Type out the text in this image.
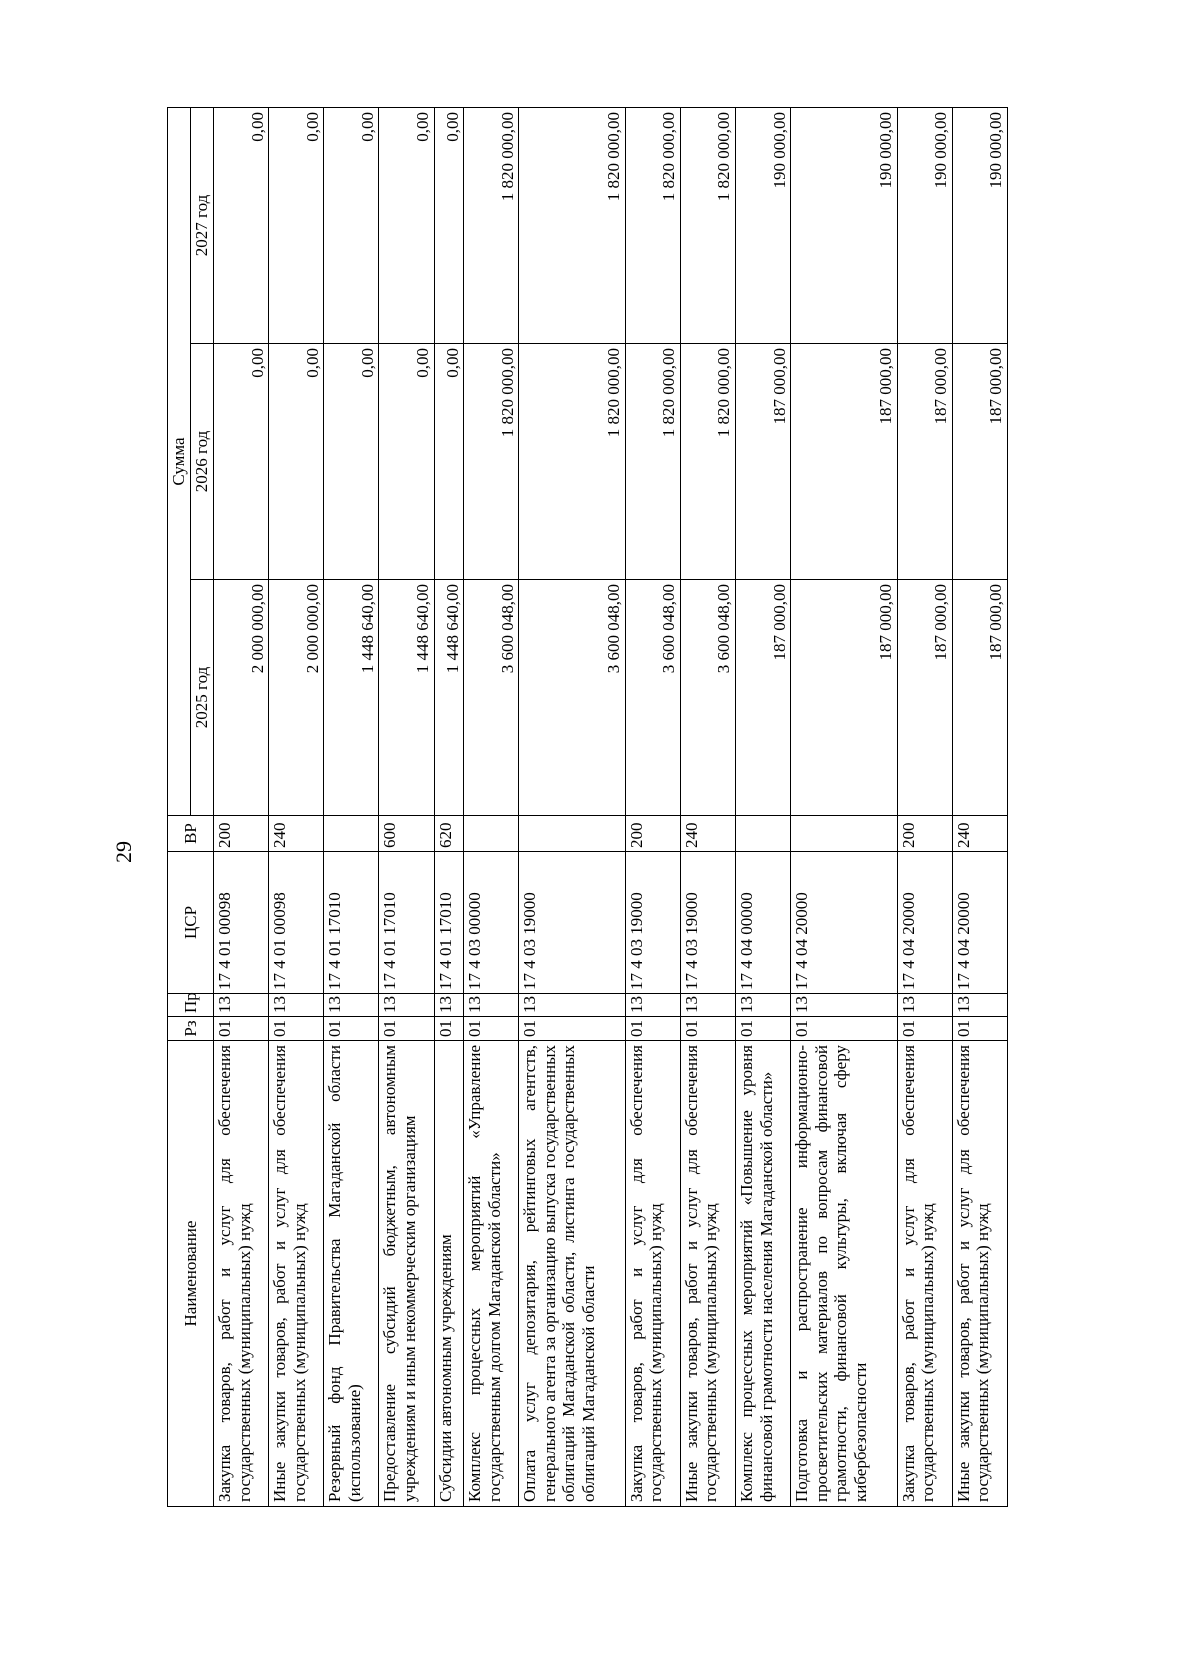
29
Наименование	Рз	Пр	ЦСР	ВР	Сумма		
					2025 год	2026 год	2027 год
Закупка товаров, работ и услуг для обеспечения государственных (муниципальных) нужд	01	13	17 4 01 00098	200	2 000 000,00	0,00	0,00
Иные закупки товаров, работ и услуг для обеспечения государственных (муниципальных) нужд	01	13	17 4 01 00098	240	2 000 000,00	0,00	0,00
Резервный фонд Правительства Магаданской области (использование)	01	13	17 4 01 17010		1 448 640,00	0,00	0,00
Предоставление субсидий бюджетным, автономным учреждениям и иным некоммерческим организациям	01	13	17 4 01 17010	600	1 448 640,00	0,00	0,00
Субсидии автономным учреждениям	01	13	17 4 01 17010	620	1 448 640,00	0,00	0,00
Комплекс процессных мероприятий «Управление государственным долгом Магаданской области»	01	13	17 4 03 00000		3 600 048,00	1 820 000,00	1 820 000,00
Оплата услуг депозитария, рейтинговых агентств, генерального агента за организацию выпуска государственных облигаций Магаданской области, листинга государственных облигаций Магаданской области	01	13	17 4 03 19000		3 600 048,00	1 820 000,00	1 820 000,00
Закупка товаров, работ и услуг для обеспечения государственных (муниципальных) нужд	01	13	17 4 03 19000	200	3 600 048,00	1 820 000,00	1 820 000,00
Иные закупки товаров, работ и услуг для обеспечения государственных (муниципальных) нужд	01	13	17 4 03 19000	240	3 600 048,00	1 820 000,00	1 820 000,00
Комплекс процессных мероприятий «Повышение уровня финансовой грамотности населения Магаданской области»	01	13	17 4 04 00000		187 000,00	187 000,00	190 000,00
Подготовка и распространение информационно-просветительских материалов по вопросам финансовой грамотности, финансовой культуры, включая сферу кибербезопасности	01	13	17 4 04 20000		187 000,00	187 000,00	190 000,00
Закупка товаров, работ и услуг для обеспечения государственных (муниципальных) нужд	01	13	17 4 04 20000	200	187 000,00	187 000,00	190 000,00
Иные закупки товаров, работ и услуг для обеспечения государственных (муниципальных) нужд	01	13	17 4 04 20000	240	187 000,00	187 000,00	190 000,00
